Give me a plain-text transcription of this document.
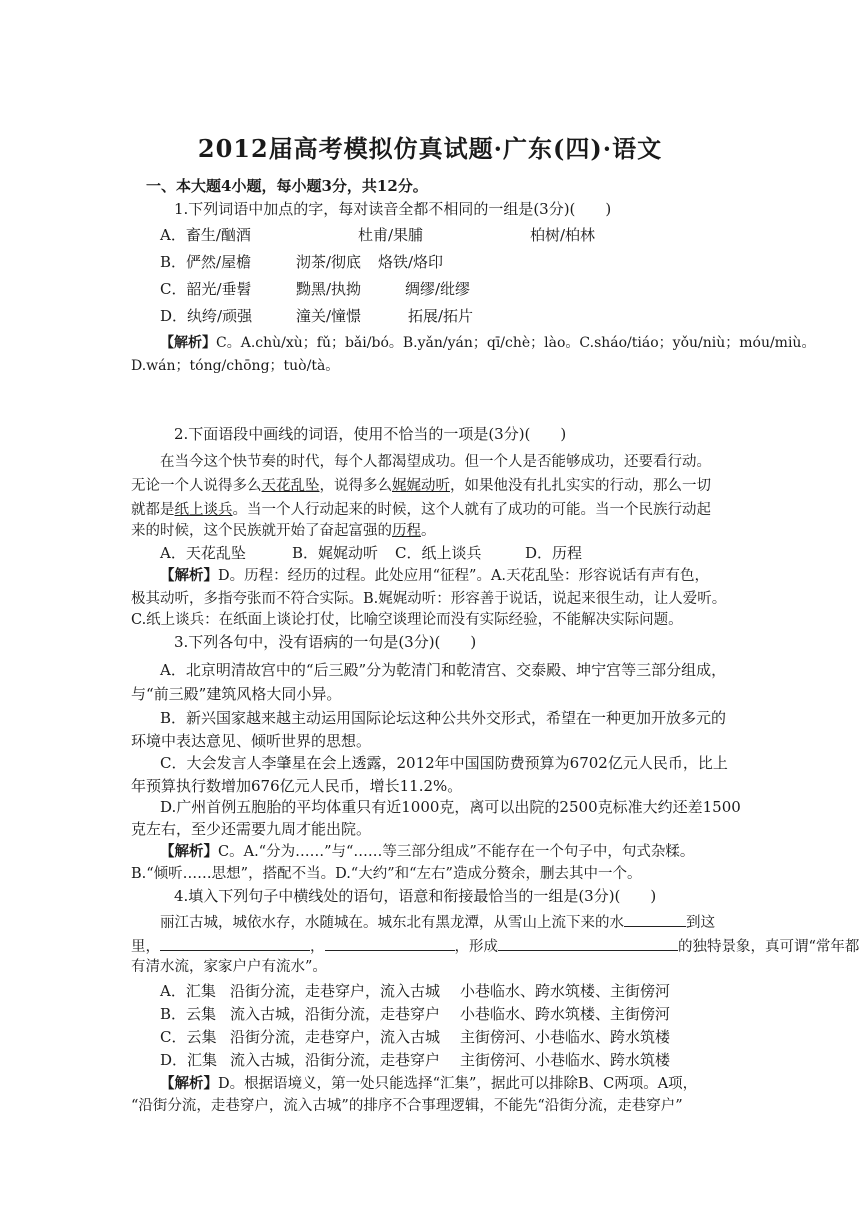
2012届高考模拟仿真试题·广东(四)·语文
一、本大题4小题，每小题3分，共12分。
1.下列词语中加点的字，每对读音全都不相同的一组是(3分)(　　)
A．畜生/酗酒	杜甫/果脯	柏树/柏林
B．俨然/屋檐	沏茶/彻底 烙铁/烙印
C．韶光/垂髫	黝黑/执拗	绸缪/纰缪
D．纨绔/顽强	潼关/憧憬	拓展/拓片
【解析】C。A.chù/xù；fǔ；bǎi/bó。B.yǎn/yán；qī/chè；lào。C.sháo/tiáo；yǒu/niù；móu/miù。
D.wán；tóng/chōng；tuò/tà。
2.下面语段中画线的词语，使用不恰当的一项是(3分)(　　)
在当今这个快节奏的时代，每个人都渴望成功。但一个人是否能够成功，还要看行动。
无论一个人说得多么天花乱坠，说得多么娓娓动听，如果他没有扎扎实实的行动，那么一切
就都是纸上谈兵。当一个人行动起来的时候，这个人就有了成功的可能。当一个民族行动起
来的时候，这个民族就开始了奋起富强的历程。
A．天花乱坠	B．娓娓动听 C．纸上谈兵	D．历程
【解析】D。历程：经历的过程。此处应用“征程”。A.天花乱坠：形容说话有声有色，
极其动听，多指夸张而不符合实际。B.娓娓动听：形容善于说话，说起来很生动，让人爱听。
C.纸上谈兵：在纸面上谈论打仗，比喻空谈理论而没有实际经验，不能解决实际问题。
3.下列各句中，没有语病的一句是(3分)(　　)
A．北京明清故宫中的“后三殿”分为乾清门和乾清宫、交泰殿、坤宁宫等三部分组成，
与“前三殿”建筑风格大同小异。
B．新兴国家越来越主动运用国际论坛这种公共外交形式，希望在一种更加开放多元的
环境中表达意见、倾听世界的思想。
C．大会发言人李肇星在会上透露，2012年中国国防费预算为6702亿元人民币，比上
年预算执行数增加676亿元人民币，增长11.2%。
D.广州首例五胞胎的平均体重只有近1000克，离可以出院的2500克标准大约还差1500
克左右，至少还需要九周才能出院。
【解析】C。A.“分为……”与“……等三部分组成”不能存在一个句子中，句式杂糅。
B.“倾听……思想”，搭配不当。D.“大约”和“左右”造成分赘余，删去其中一个。
4.填入下列句子中横线处的语句，语意和衔接最恰当的一组是(3分)(　　)
丽江古城，城依水存，水随城在。城东北有黑龙潭，从雪山上流下来的水	到这
里，	，	，形成	的独特景象，真可谓“常年都
有清水流，家家户户有流水”。
A．汇集 沿街分流，走巷穿户，流入古城 小巷临水、跨水筑楼、主街傍河
B．云集 流入古城，沿街分流，走巷穿户 小巷临水、跨水筑楼、主街傍河
C．云集 沿街分流，走巷穿户，流入古城 主街傍河、小巷临水、跨水筑楼
D．汇集 流入古城，沿街分流，走巷穿户 主街傍河、小巷临水、跨水筑楼
【解析】D。根据语境义，第一处只能选择“汇集”，据此可以排除B、C两项。A项，
“沿街分流，走巷穿户，流入古城”的排序不合事理逻辑，不能先“沿街分流，走巷穿户”
